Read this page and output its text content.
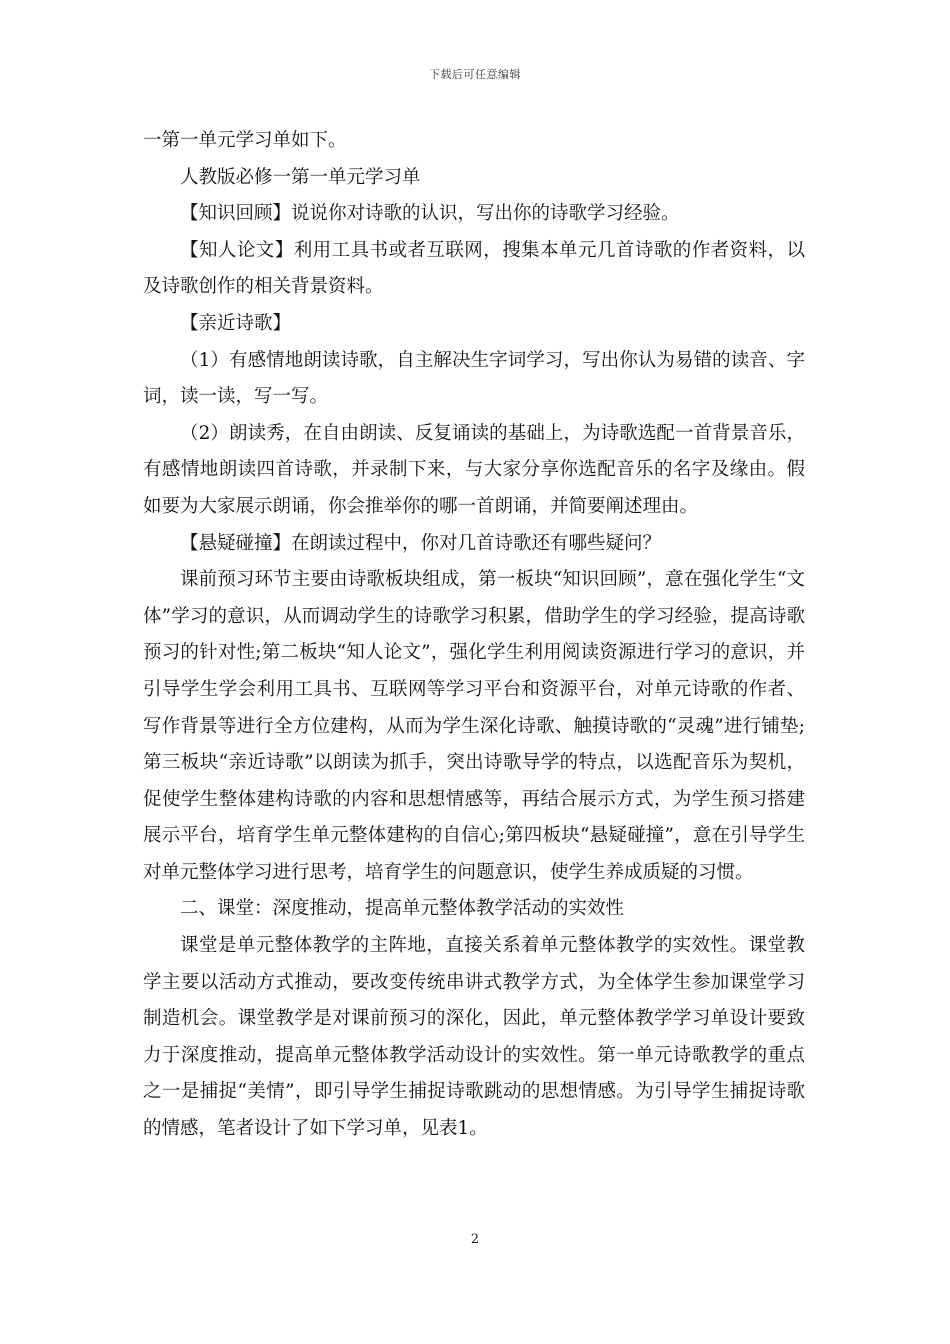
下载后可任意编辑

一第一单元学习单如下。

人教版必修一第一单元学习单

【知识回顾】说说你对诗歌的认识，写出你的诗歌学习经验。

【知人论文】利用工具书或者互联网，搜集本单元几首诗歌的作者资料，以及诗歌创作的相关背景资料。

【亲近诗歌】

（1）有感情地朗读诗歌，自主解决生字词学习，写出你认为易错的读音、字词，读一读，写一写。

（2）朗读秀，在自由朗读、反复诵读的基础上，为诗歌选配一首背景音乐，有感情地朗读四首诗歌，并录制下来，与大家分享你选配音乐的名字及缘由。假如要为大家展示朗诵，你会推举你的哪一首朗诵，并简要阐述理由。

【悬疑碰撞】在朗读过程中，你对几首诗歌还有哪些疑问？

课前预习环节主要由诗歌板块组成，第一板块“知识回顾”，意在强化学生“文体”学习的意识，从而调动学生的诗歌学习积累，借助学生的学习经验，提高诗歌预习的针对性;第二板块“知人论文”，强化学生利用阅读资源进行学习的意识，并引导学生学会利用工具书、互联网等学习平台和资源平台，对单元诗歌的作者、写作背景等进行全方位建构，从而为学生深化诗歌、触摸诗歌的“灵魂”进行铺垫;第三板块“亲近诗歌”以朗读为抓手，突出诗歌导学的特点，以选配音乐为契机，促使学生整体建构诗歌的内容和思想情感等，再结合展示方式，为学生预习搭建展示平台，培育学生单元整体建构的自信心;第四板块“悬疑碰撞”，意在引导学生对单元整体学习进行思考，培育学生的问题意识，使学生养成质疑的习惯。

二、课堂：深度推动，提高单元整体教学活动的实效性

课堂是单元整体教学的主阵地，直接关系着单元整体教学的实效性。课堂教学主要以活动方式推动，要改变传统串讲式教学方式，为全体学生参加课堂学习制造机会。课堂教学是对课前预习的深化，因此，单元整体教学学习单设计要致力于深度推动，提高单元整体教学活动设计的实效性。第一单元诗歌教学的重点之一是捕捉“美情”，即引导学生捕捉诗歌跳动的思想情感。为引导学生捕捉诗歌的情感，笔者设计了如下学习单，见表1。

2
